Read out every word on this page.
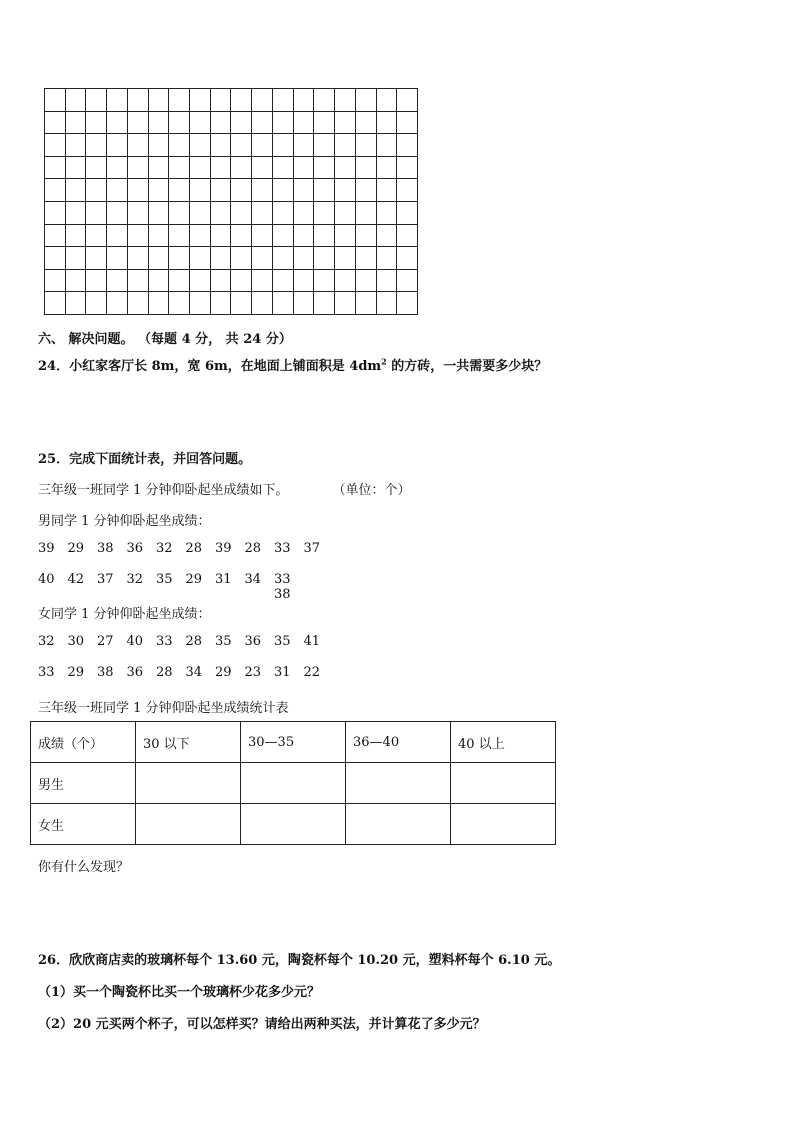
六、 解决问题。 （每题 4 分， 共 24 分）
24．小红家客厅长 8m，宽 6m，在地面上铺面积是 $4dm^2$ 的方砖，一共需要多少块？
25．完成下面统计表，并回答问题。
三年级一班同学 1 分钟仰卧起坐成绩如下。	（单位：个）
男同学 1 分钟仰卧起坐成绩：
39 29 38 36 32 28 39 28 33 37
40 42 37 32 35 29 31 34 33 38
女同学 1 分钟仰卧起坐成绩：
32 30 27 40 33 28 35 36 35 41
33 29 38 36 28 34 29 23 31 22
三年级一班同学 1 分钟仰卧起坐成绩统计表
成绩（个）	30 以下	30—35	36—40	40 以上
男生				
女生				
你有什么发现？
26．欣欣商店卖的玻璃杯每个 13.60 元，陶瓷杯每个 10.20 元，塑料杯每个 6.10 元。
（1）买一个陶瓷杯比买一个玻璃杯少花多少元？
（2）20 元买两个杯子，可以怎样买？请给出两种买法，并计算花了多少元？
